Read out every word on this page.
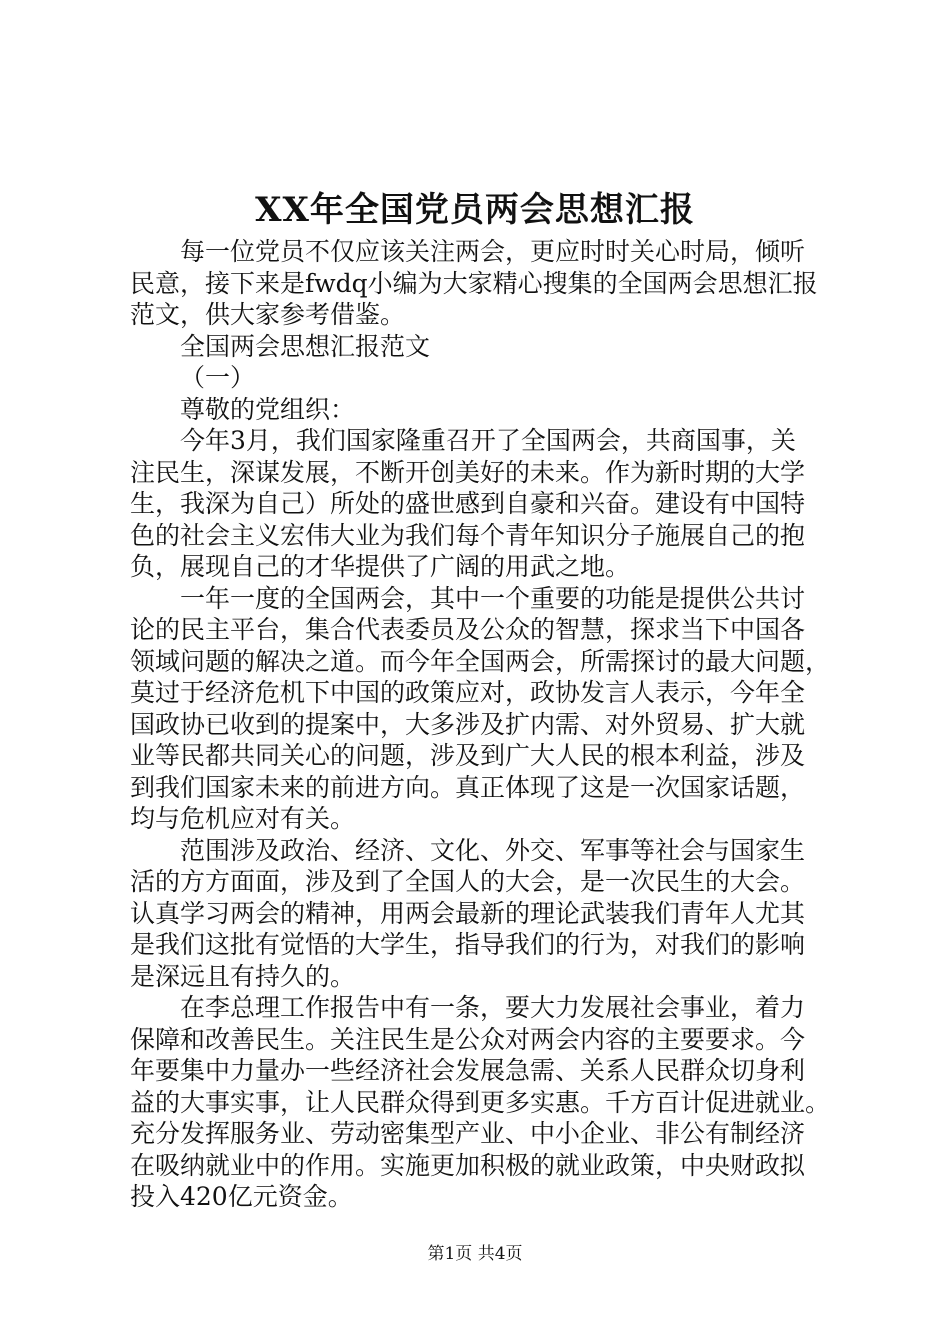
XX年全国党员两会思想汇报
每一位党员不仅应该关注两会，更应时时关心时局，倾听
民意，接下来是fwdq小编为大家精心搜集的全国两会思想汇报
范文，供大家参考借鉴。
全国两会思想汇报范文
（一）
尊敬的党组织：
今年3月，我们国家隆重召开了全国两会，共商国事，关
注民生，深谋发展，不断开创美好的未来。作为新时期的大学
生，我深为自己）所处的盛世感到自豪和兴奋。建设有中国特
色的社会主义宏伟大业为我们每个青年知识分子施展自己的抱
负，展现自己的才华提供了广阔的用武之地。
一年一度的全国两会，其中一个重要的功能是提供公共讨
论的民主平台，集合代表委员及公众的智慧，探求当下中国各
领域问题的解决之道。而今年全国两会，所需探讨的最大问题，
莫过于经济危机下中国的政策应对，政协发言人表示，今年全
国政协已收到的提案中，大多涉及扩内需、对外贸易、扩大就
业等民都共同关心的问题，涉及到广大人民的根本利益，涉及
到我们国家未来的前进方向。真正体现了这是一次国家话题，
均与危机应对有关。
范围涉及政治、经济、文化、外交、军事等社会与国家生
活的方方面面，涉及到了全国人的大会，是一次民生的大会。
认真学习两会的精神，用两会最新的理论武装我们青年人尤其
是我们这批有觉悟的大学生，指导我们的行为，对我们的影响
是深远且有持久的。
在李总理工作报告中有一条，要大力发展社会事业，着力
保障和改善民生。关注民生是公众对两会内容的主要要求。今
年要集中力量办一些经济社会发展急需、关系人民群众切身利
益的大事实事，让人民群众得到更多实惠。千方百计促进就业。
充分发挥服务业、劳动密集型产业、中小企业、非公有制经济
在吸纳就业中的作用。实施更加积极的就业政策，中央财政拟
投入420亿元资金。
第1页 共4页
